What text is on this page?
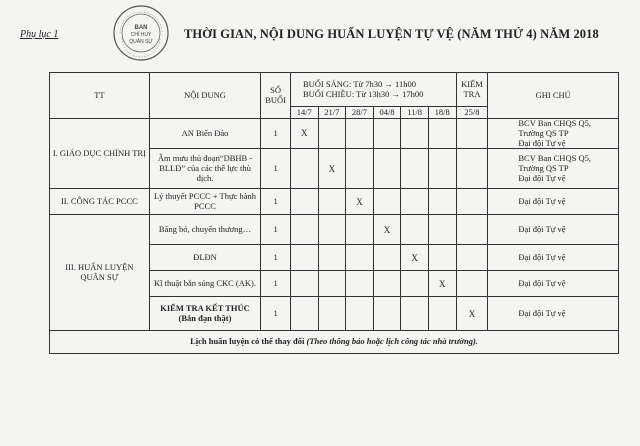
Phụ lục 1
BAN
CHỈ HUY
QUÂN SỰ
THỜI GIAN, NỘI DUNG HUẤN LUYỆN TỰ VỆ (NĂM THỨ 4) NĂM 2018
TT	NỘI DUNG	SỐ BUỔI	BUỔI SÁNG: Từ 7h30 → 11h00
BUỔI CHIỀU: Từ 13h30 → 17h00						KIỂM TRA	GHI CHÚ
			14/7	21/7	28/7	04/8	11/8	18/8	25/8	
I. GIÁO DỤC CHÍNH TRỊ	AN Biển Đảo	1	X							BCV Ban CHQS Q5,
Trường QS TP
Đại đội Tự vệ

	Âm mưu thủ đoạn“DBHB - BLLĐ” của các thế lực thù địch.	1		X						BCV Ban CHQS Q5,
Trường QS TP
Đại đội Tự vệ

II. CÔNG TÁC PCCC	Lý thuyết PCCC + Thực hành PCCC	1			X					Đại đội Tự vệ

III. HUẤN LUYỆN QUÂN SỰ	Băng bó, chuyển thương…	1				X				Đại đội Tự vệ

	ĐLĐN	1					X			Đại đội Tự vệ

	Kĩ thuật bắn súng CKC (AK).	1						X		Đại đội Tự vệ

	KIỂM TRA KẾT THÚC
(Bắn đạn thật)	1							X	Đại đội Tự vệ

Lịch huấn luyện có thể thay đổi (Theo thông báo hoặc lịch công tác nhà trường).										
